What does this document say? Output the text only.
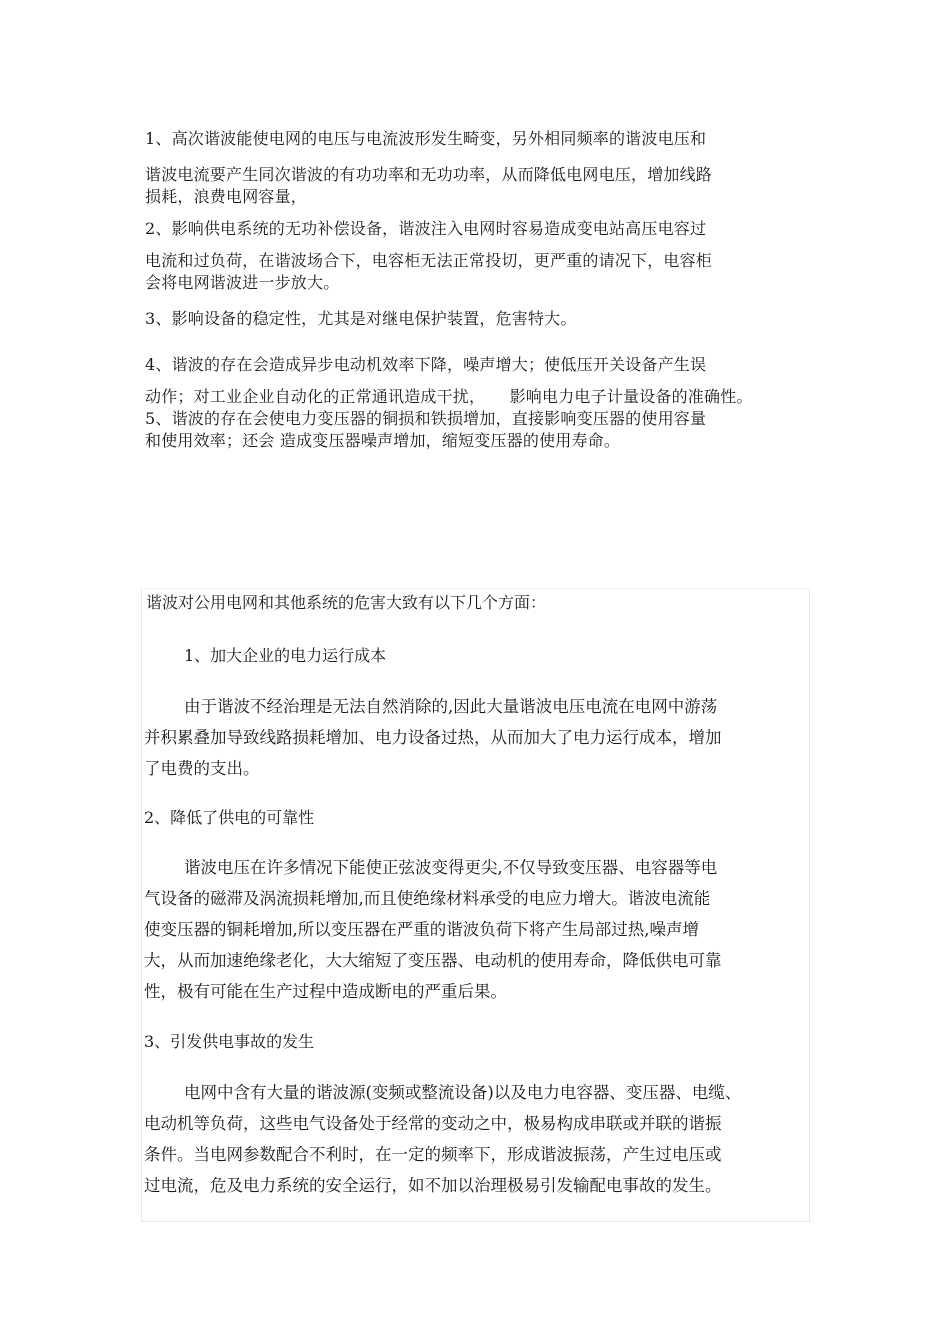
1、高次谐波能使电网的电压与电流波形发生畸变，另外相同频率的谐波电压和

谐波电流要产生同次谐波的有功功率和无功功率，从而降低电网电压，增加线路

损耗，浪费电网容量，

2、影响供电系统的无功补偿设备，谐波注入电网时容易造成变电站高压电容过

电流和过负荷，在谐波场合下，电容柜无法正常投切，更严重的请况下，电容柜

会将电网谐波进一步放大。

3、影响设备的稳定性，尤其是对继电保护装置，危害特大。

4、谐波的存在会造成异步电动机效率下降，噪声增大；使低压开关设备产生误

动作；对工业企业自动化的正常通讯造成干扰，　　影响电力电子计量设备的准确性。

5、谐波的存在会使电力变压器的铜损和铁损增加，直接影响变压器的使用容量

和使用效率；还会 造成变压器噪声增加，缩短变压器的使用寿命。

谐波对公用电网和其他系统的危害大致有以下几个方面：
1、加大企业的电力运行成本
由于谐波不经治理是无法自然消除的,因此大量谐波电压电流在电网中游荡
并积累叠加导致线路损耗增加、电力设备过热，从而加大了电力运行成本，增加
了电费的支出。
2、降低了供电的可靠性
谐波电压在许多情况下能使正弦波变得更尖,不仅导致变压器、电容器等电
气设备的磁滞及涡流损耗增加,而且使绝缘材料承受的电应力增大。谐波电流能
使变压器的铜耗增加,所以变压器在严重的谐波负荷下将产生局部过热,噪声增
大，从而加速绝缘老化，大大缩短了变压器、电动机的使用寿命，降低供电可靠
性，极有可能在生产过程中造成断电的严重后果。
3、引发供电事故的发生
电网中含有大量的谐波源(变频或整流设备)以及电力电容器、变压器、电缆、
电动机等负荷，这些电气设备处于经常的变动之中，极易构成串联或并联的谐振
条件。当电网参数配合不利时，在一定的频率下，形成谐波振荡，产生过电压或
过电流，危及电力系统的安全运行，如不加以治理极易引发输配电事故的发生。
